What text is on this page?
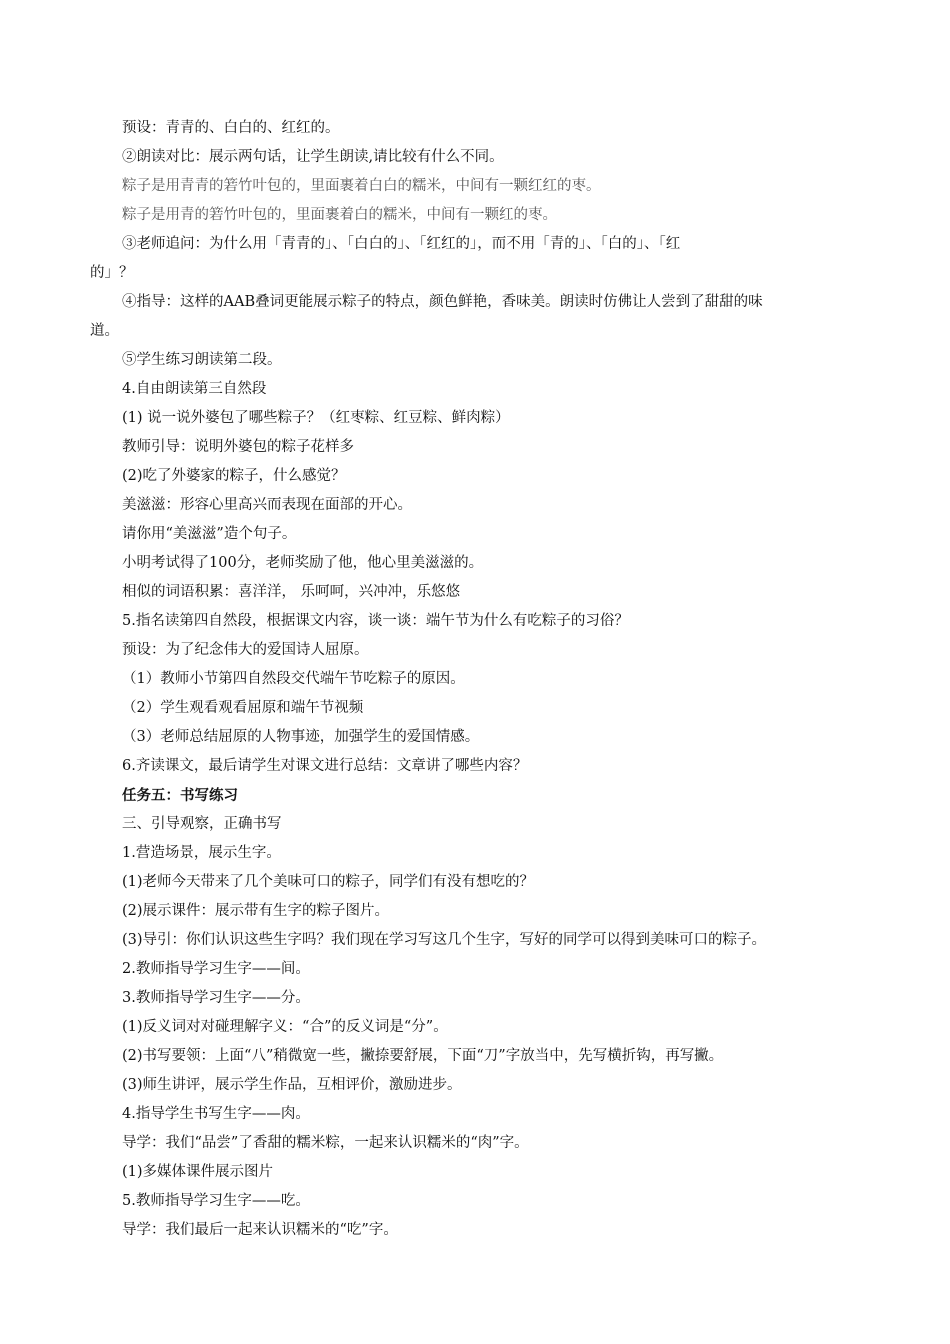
预设：青青的、白白的、红红的。

②朗读对比：展示两句话，让学生朗读,请比较有什么不同。

粽子是用青青的箬竹叶包的，里面裹着白白的糯米，中间有一颗红红的枣。

粽子是用青的箬竹叶包的，里面裹着白的糯米，中间有一颗红的枣。

③老师追问：为什么用「青青的」、「白白的」、「红红的」，而不用「青的」、「白的」、「红
的」？
④指导：这样的AAB叠词更能展示粽子的特点，颜色鲜艳，香味美。朗读时仿佛让人尝到了甜甜的味
道。

⑤学生练习朗读第二段。

4.自由朗读第三自然段

(1) 说一说外婆包了哪些粽子？（红枣粽、红豆粽、鲜肉粽）

教师引导：说明外婆包的粽子花样多

(2)吃了外婆家的粽子，什么感觉？

美滋滋：形容心里高兴而表现在面部的开心。

请你用“美滋滋”造个句子。

小明考试得了100分，老师奖励了他，他心里美滋滋的。

相似的词语积累：喜洋洋， 乐呵呵，兴冲冲，乐悠悠

5.指名读第四自然段，根据课文内容，谈一谈：端午节为什么有吃粽子的习俗？

预设：为了纪念伟大的爱国诗人屈原。

（1）教师小节第四自然段交代端午节吃粽子的原因。

（2）学生观看观看屈原和端午节视频

（3）老师总结屈原的人物事迹，加强学生的爱国情感。

6.齐读课文，最后请学生对课文进行总结：文章讲了哪些内容？

任务五：书写练习

三、引导观察，正确书写

1.营造场景，展示生字。

(1)老师今天带来了几个美味可口的粽子，同学们有没有想吃的？

(2)展示课件：展示带有生字的粽子图片。

(3)导引：你们认识这些生字吗？我们现在学习写这几个生字，写好的同学可以得到美味可口的粽子。

2.教师指导学习生字——间。

3.教师指导学习生字——分。

(1)反义词对对碰理解字义：“合”的反义词是“分”。

(2)书写要领：上面“八”稍微宽一些，撇捺要舒展，下面“刀”字放当中，先写横折钩，再写撇。

(3)师生讲评，展示学生作品，互相评价，激励进步。

4.指导学生书写生字——肉。

导学：我们“品尝”了香甜的糯米粽，一起来认识糯米的“肉”字。

(1)多媒体课件展示图片

5.教师指导学习生字——吃。

导学：我们最后一起来认识糯米的“吃”字。
